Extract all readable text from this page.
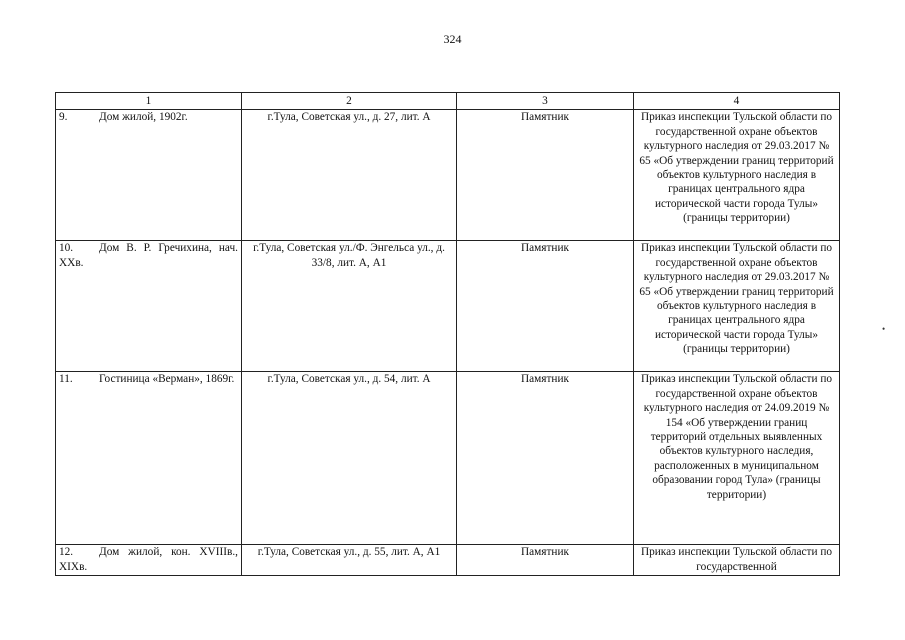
324
1	2	3	4
9. Дом жилой, 1902г.	г.Тула, Советская ул., д. 27, лит. А	Памятник	Приказ инспекции Тульской области по государственной охране объектов культурного наследия от 29.03.2017 № 65 «Об утверждении границ территорий объектов культурного наследия в границах центрального ядра исторической части города Тулы» (границы территории)
10. Дом В. Р. Гречихина, нач. XXв.	г.Тула, Советская ул./Ф. Энгельса ул., д. 33/8, лит. А, А1	Памятник	Приказ инспекции Тульской области по государственной охране объектов культурного наследия от 29.03.2017 № 65 «Об утверждении границ территорий объектов культурного наследия в границах центрального ядра исторической части города Тулы» (границы территории)
11. Гостиница «Верман», 1869г.	г.Тула, Советская ул., д. 54, лит. А	Памятник	Приказ инспекции Тульской области по государственной охране объектов культурного наследия от 24.09.2019 № 154 «Об утверждении границ территорий отдельных выявленных объектов культурного наследия, расположенных в муниципальном образовании город Тула» (границы территории)
12. Дом жилой, кон. XVIIIв., XIXв.	г.Тула, Советская ул., д. 55, лит. А, А1	Памятник	Приказ инспекции Тульской области по государственной
•
